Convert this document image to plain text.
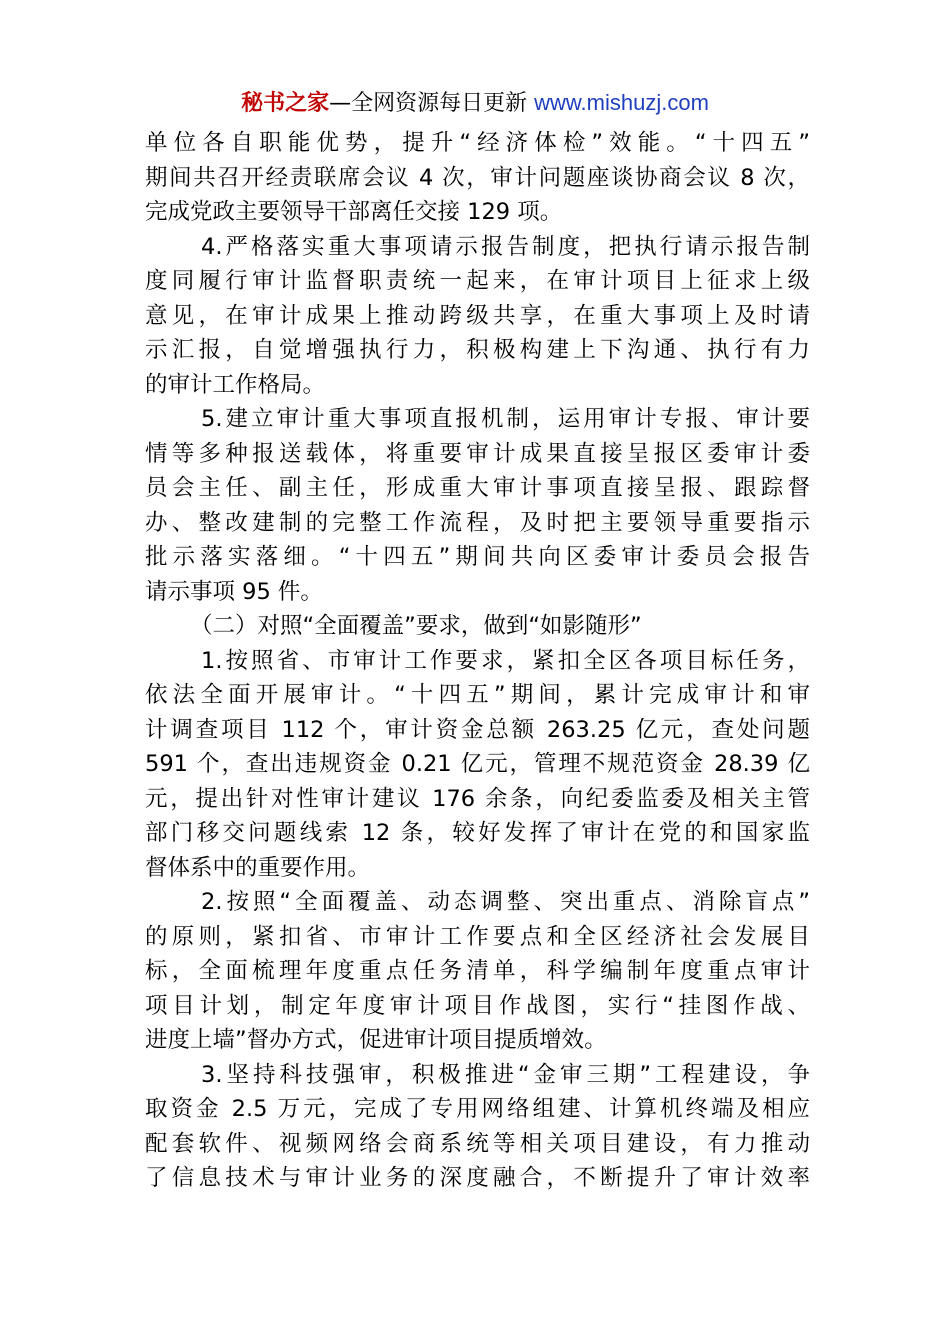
秘书之家—全网资源每日更新 www.mishuzj.com
单位各自职能优势，提升“经济体检”效能。“十四五”
期间共召开经责联席会议 4 次，审计问题座谈协商会议 8 次，
完成党政主要领导干部离任交接 129 项。
4.严格落实重大事项请示报告制度，把执行请示报告制
度同履行审计监督职责统一起来，在审计项目上征求上级
意见，在审计成果上推动跨级共享，在重大事项上及时请
示汇报，自觉增强执行力，积极构建上下沟通、执行有力
的审计工作格局。
5.建立审计重大事项直报机制，运用审计专报、审计要
情等多种报送载体，将重要审计成果直接呈报区委审计委
员会主任、副主任，形成重大审计事项直接呈报、跟踪督
办、整改建制的完整工作流程，及时把主要领导重要指示
批示落实落细。“十四五”期间共向区委审计委员会报告
请示事项 95 件。
（二）对照“全面覆盖”要求，做到“如影随形”
1.按照省、市审计工作要求，紧扣全区各项目标任务，
依法全面开展审计。“十四五”期间，累计完成审计和审
计调查项目 112 个，审计资金总额 263.25 亿元，查处问题
591 个，查出违规资金 0.21 亿元，管理不规范资金 28.39 亿
元，提出针对性审计建议 176 余条，向纪委监委及相关主管
部门移交问题线索 12 条，较好发挥了审计在党的和国家监
督体系中的重要作用。
2.按照“全面覆盖、动态调整、突出重点、消除盲点”
的原则，紧扣省、市审计工作要点和全区经济社会发展目
标，全面梳理年度重点任务清单，科学编制年度重点审计
项目计划，制定年度审计项目作战图，实行“挂图作战、
进度上墙”督办方式，促进审计项目提质增效。
3.坚持科技强审，积极推进“金审三期”工程建设，争
取资金 2.5 万元，完成了专用网络组建、计算机终端及相应
配套软件、视频网络会商系统等相关项目建设，有力推动
了信息技术与审计业务的深度融合，不断提升了审计效率
